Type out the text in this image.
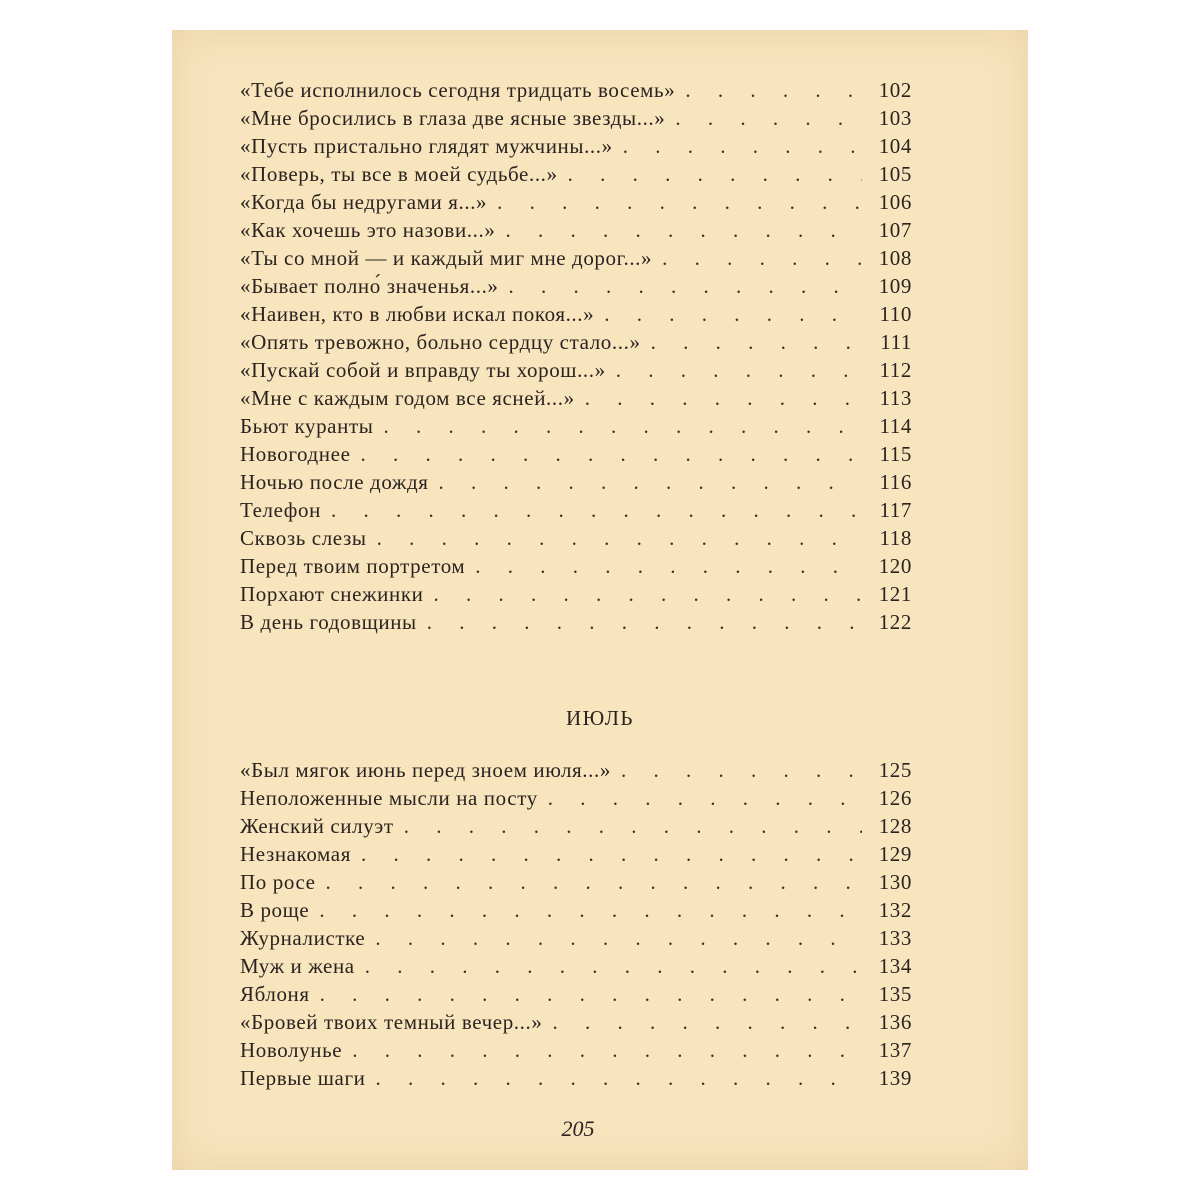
«Тебе исполнилось сегодня тридцать восемь» . . .	102
«Мне бросились в глаза две ясные звезды...» . . .	103
«Пусть пристально глядят мужчины...» . . .	104
«Поверь, ты все в моей судьбе...» . . .	105
«Когда бы недругами я...» . . .	106
«Как хочешь это назови...» . . .	107
«Ты со мной — и каждый миг мне дорог...» . . .	108
«Бывает полно́ значенья...» . . .	109
«Наивен, кто в любви искал покоя...» . . .	110
«Опять тревожно, больно сердцу стало...» . . .	111
«Пускай собой и вправду ты хорош...» . . .	112
«Мне с каждым годом все ясней...» . . .	113
Бьют куранты . . .	114
Новогоднее . . .	115
Ночью после дождя . . .	116
Телефон . . .	117
Сквозь слезы . . .	118
Перед твоим портретом . . .	120
Порхают снежинки . . .	121
В день годовщины . . .	122
ИЮЛЬ
«Был мягок июнь перед зноем июля...» . . .	125
Неположенные мысли на посту . . .	126
Женский силуэт . . .	128
Незнакомая . . .	129
По росе . . .	130
В роще . . .	132
Журналистке . . .	133
Муж и жена . . .	134
Яблоня . . .	135
«Бровей твоих темный вечер...» . . .	136
Новолунье . . .	137
Первые шаги . . .	139
205
